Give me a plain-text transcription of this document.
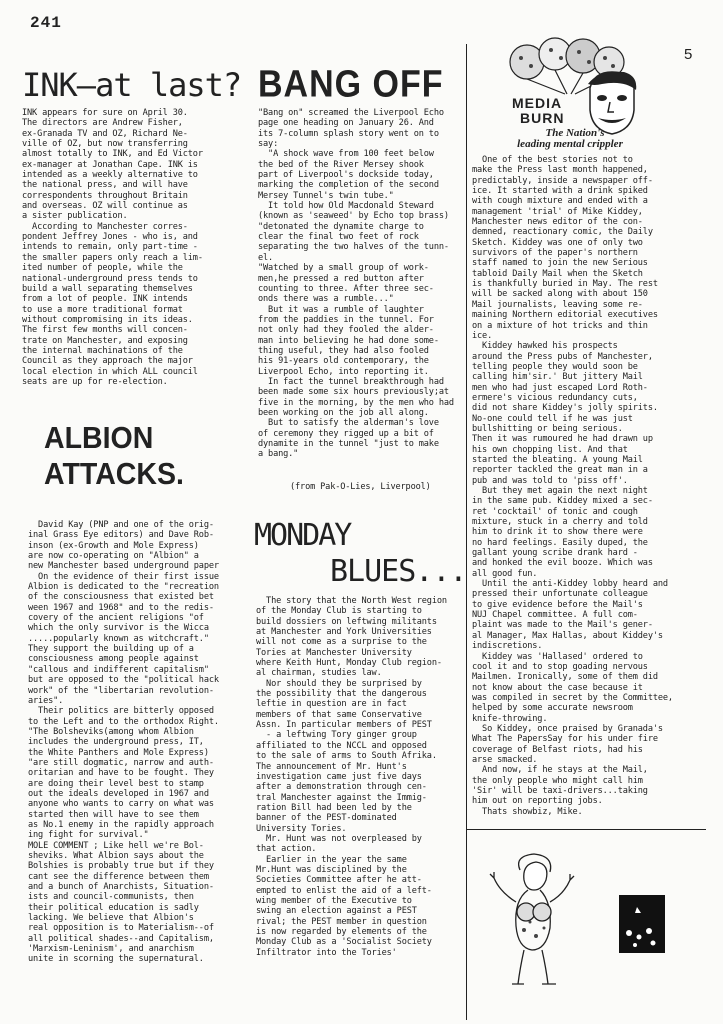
241
5
INK—at last?

INK appears for sure on April 30.

The directors are Andrew Fisher,

ex-Granada TV and OZ, Richard Ne-

ville of OZ, but now transferring

almost totally to INK, and Ed Victor

ex-manager at Jonathan Cape. INK is

intended as a weekly alternative to

the national press, and will have

correspondents throughout Britain

and overseas. OZ will continue as

a sister publication.

According to Manchester corres-

pondent Jeffrey Jones - who is, and

intends to remain, only part-time -

the smaller papers only reach a lim-

ited number of people, while the

national-underground press tends to

build a wall separating themselves

from a lot of people. INK intends

to use a more traditional format

without compromising in its ideas.

The first few months will concen-

trate on Manchester, and exposing

the internal machinations of the

Council as they approach the major

local election in which ALL council

seats are up for re-election.

ALBION
ATTACKS.

David Kay (PNP and one of the orig-

inal Grass Eye editors) and Dave Rob-

inson (ex-Growth and Mole Express)

are now co-operating on "Albion" a

new Manchester based underground paper

On the evidence of their first issue

Albion is dedicated to the "recreation

of the consciousness that existed bet

ween 1967 and 1968" and to the redis-

covery of the ancient religions "of

which the only survivor is the Wicca

.....popularly known as witchcraft."

They support the building up of a

consciousness among people against

"callous and indifferent capitalism"

but are opposed to the "political hack

work" of the "libertarian revolution-

aries".

Their politics are bitterly opposed

to the Left and to the orthodox Right.

"The Bolsheviks(among whom Albion

includes the underground press, IT,

the White Panthers and Mole Express)

"are still dogmatic, narrow and auth-

oritarian and have to be fought. They

are doing their level best to stamp

out the ideals developed in 1967 and

anyone who wants to carry on what was

started then will have to see them

as No.1 enemy in the rapidly approach

ing fight for survival."

MOLE COMMENT ; Like hell we're Bol-

sheviks. What Albion says about the

Bolshies is probably true but if they

cant see the difference between them

and a bunch of Anarchists, Situation-

ists and council-communists, then

their political education is sadly

lacking. We believe that Albion's

real opposition is to Materialism--of

all political shades--and Capitalism,

'Marxism-Leninism', and anarchism

unite in scorning the supernatural.

BANG OFF

"Bang on" screamed the Liverpool Echo

page one heading on January 26. And

its 7-column splash story went on to

say:

"A shock wave from 100 feet below

the bed of the River Mersey shook

part of Liverpool's dockside today,

marking the completion of the second

Mersey Tunnel's twin tube."

It told how Old Macdonald Steward

(known as 'seaweed' by Echo top brass)

"detonated the dynamite charge to

clear the final two feet of rock

separating the two halves of the tunn-

el.

"Watched by a small group of work-

men,he pressed a red button after

counting to three. After three sec-

onds there was a rumble..."

But it was a rumble of laughter

from the paddies in the tunnel. For

not only had they fooled the alder-

man into believing he had done some-

thing useful, they had also fooled

his 91-years old contemporary, the

Liverpool Echo, into reporting it.

In fact the tunnel breakthrough had

been made some six hours previously;at

five in the morning, by the men who had

been working on the job all along.

But to satisfy the alderman's love

of ceremony they rigged up a bit of

dynamite in the tunnel "just to make

a bang."

(from Pak-O-Lies, Liverpool)
MONDAY
BLUES...

The story that the North West region

of the Monday Club is starting to

build dossiers on leftwing militants

at Manchester and York Universities

will not come as a surprise to the

Tories at Manchester University

where Keith Hunt, Monday Club region-

al chairman, studies law.

Nor should they be surprised by

the possibility that the dangerous

leftie in question are in fact

members of that same Conservative

Assn. In particular members of PEST

- a leftwing Tory ginger group

affiliated to the NCCL and opposed

to the sale of arms to South Afrika.

The announcement of Mr. Hunt's

investigation came just five days

after a demonstration through cen-

tral Manchester against the Immig-

ration Bill had been led by the

banner of the PEST-dominated

University Tories.

Mr. Hunt was not overpleased by

that action.

Earlier in the year the same

Mr.Hunt was disciplined by the

Societies Committee after he att-

empted to enlist the aid of a left-

wing member of the Executive to

swing an election against a PEST

rival; the PEST member in question

is now regarded by elements of the

Monday Club as a 'Socialist Society

Infiltrator into the Tories'

MEDIA
BURN
The Nation's
leading mental crippler

One of the best stories not to

make the Press last month happened,

predictably, inside a newspaper off-

ice. It started with a drink spiked

with cough mixture and ended with a

management 'trial' of Mike Kiddey,

Manchester news editor of the con-

demned, reactionary comic, the Daily

Sketch. Kiddey was one of only two

survivors of the paper's northern

staff named to join the new Serious

tabloid Daily Mail when the Sketch

is thankfully buried in May. The rest

will be sacked along with about 150

Mail journalists, leaving some re-

maining Northern editorial executives

on a mixture of hot tricks and thin

ice.

Kiddey hawked his prospects

around the Press pubs of Manchester,

telling people they would soon be

calling him'sir.' But jittery Mail

men who had just escaped Lord Roth-

ermere's vicious redundancy cuts,

did not share Kiddey's jolly spirits.

No-one could tell if he was just

bullshitting or being serious.

Then it was rumoured he had drawn up

his own chopping list. And that

started the bleating. A young Mail

reporter tackled the great man in a

pub and was told to 'piss off'.

But they met again the next night

in the same pub. Kiddey mixed a sec-

ret 'cocktail' of tonic and cough

mixture, stuck in a cherry and told

him to drink it to show there were

no hard feelings. Easily duped, the

gallant young scribe drank hard -

and honked the evil booze. Which was

all good fun.

Until the anti-Kiddey lobby heard and

pressed their unfortunate colleague

to give evidence before the Mail's

NUJ Chapel committee. A full com-

plaint was made to the Mail's gener-

al Manager, Max Hallas, about Kiddey's

indiscretions.

Kiddey was 'Hallased' ordered to

cool it and to stop goading nervous

Mailmen. Ironically, some of them did

not know about the case because it

was compiled in secret by the Committee,

helped by some accurate newsroom

knife-throwing.

So Kiddey, once praised by Granada's

What The PapersSay for his under fire

coverage of Belfast riots, had his

arse smacked.

And now, if he stays at the Mail,

the only people who might call him

'Sir' will be taxi-drivers...taking

him out on reporting jobs.

Thats showbiz, Mike.
